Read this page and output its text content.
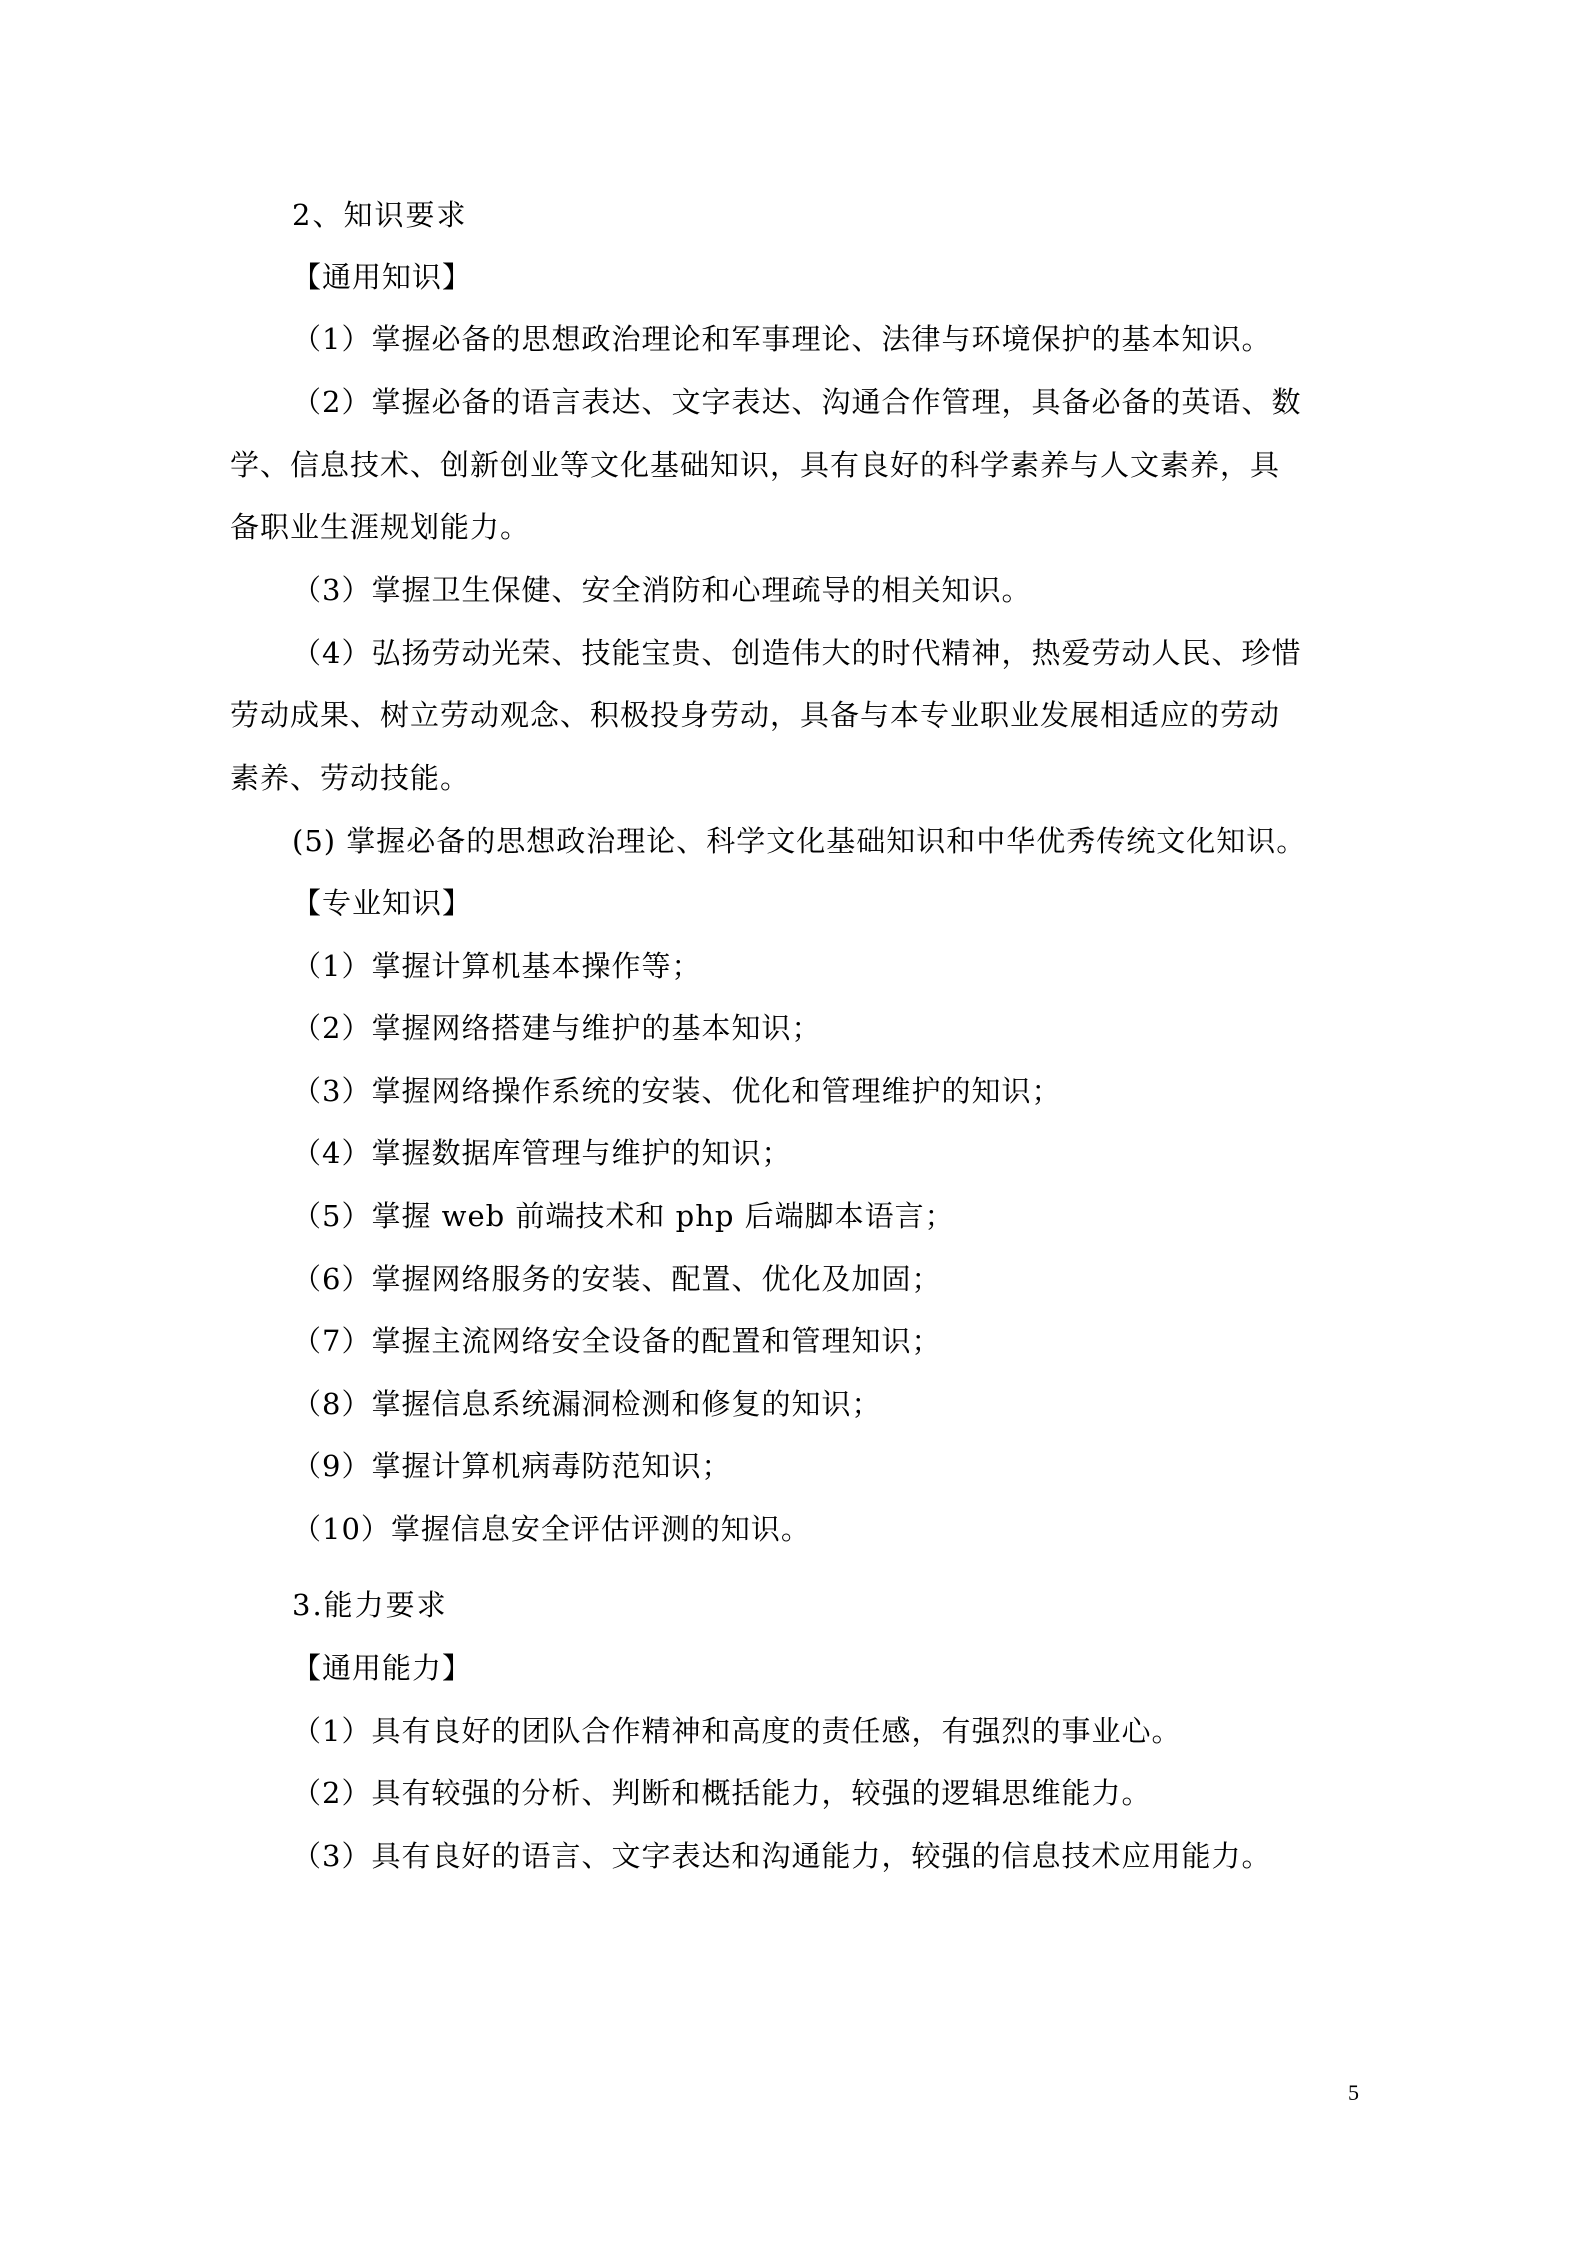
2、知识要求
【通用知识】
（1）掌握必备的思想政治理论和军事理论、法律与环境保护的基本知识。
（2）掌握必备的语言表达、文字表达、沟通合作管理，具备必备的英语、数
学、信息技术、创新创业等文化基础知识，具有良好的科学素养与人文素养，具
备职业生涯规划能力。
（3）掌握卫生保健、安全消防和心理疏导的相关知识。
（4）弘扬劳动光荣、技能宝贵、创造伟大的时代精神，热爱劳动人民、珍惜
劳动成果、树立劳动观念、积极投身劳动，具备与本专业职业发展相适应的劳动
素养、劳动技能。
(5) 掌握必备的思想政治理论、科学文化基础知识和中华优秀传统文化知识。
【专业知识】
（1）掌握计算机基本操作等；
（2）掌握网络搭建与维护的基本知识；
（3）掌握网络操作系统的安装、优化和管理维护的知识；
（4）掌握数据库管理与维护的知识；
（5）掌握 web 前端技术和 php 后端脚本语言；
（6）掌握网络服务的安装、配置、优化及加固；
（7）掌握主流网络安全设备的配置和管理知识；
（8）掌握信息系统漏洞检测和修复的知识；
（9）掌握计算机病毒防范知识；
（10）掌握信息安全评估评测的知识。
3.能力要求
【通用能力】
（1）具有良好的团队合作精神和高度的责任感，有强烈的事业心。
（2）具有较强的分析、判断和概括能力，较强的逻辑思维能力。
（3）具有良好的语言、文字表达和沟通能力，较强的信息技术应用能力。
5
